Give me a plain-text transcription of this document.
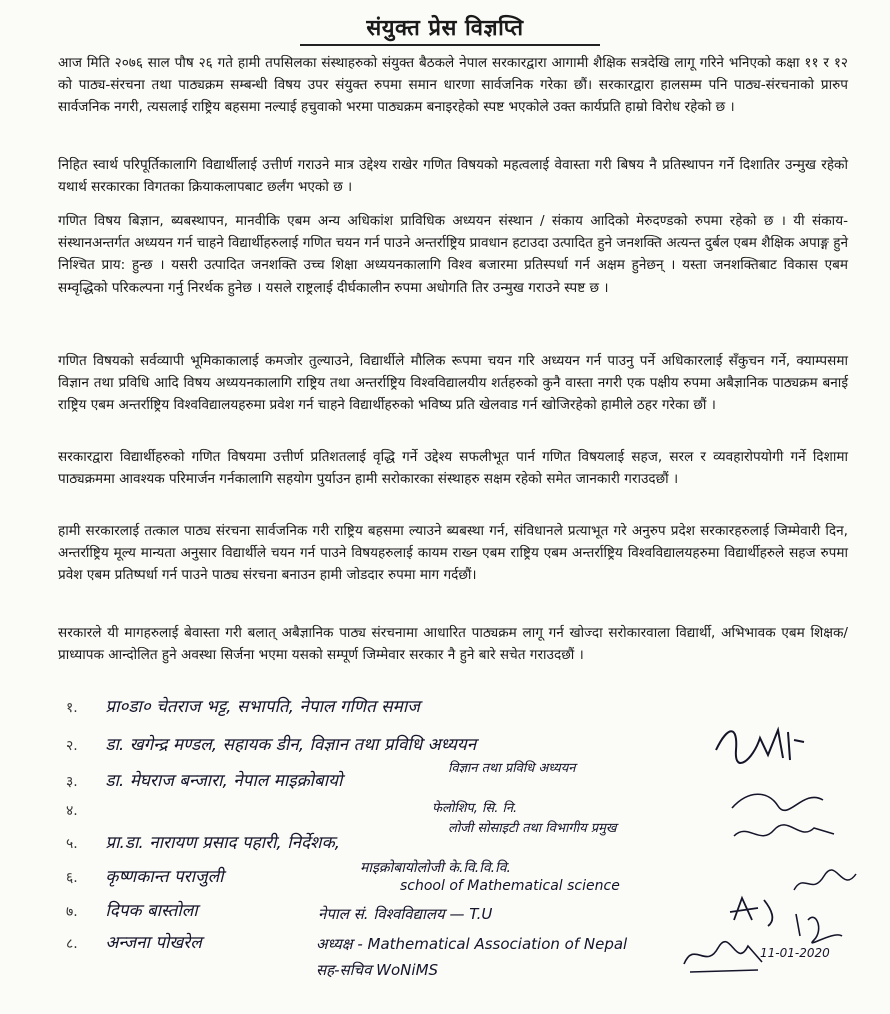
संयुक्त प्रेस विज्ञप्ति
आज मिति २०७६ साल पौष २६ गते हामी तपसिलका संस्थाहरुको संयुक्त बैठकले नेपाल सरकारद्वारा आगामी शैक्षिक सत्रदेखि लागू गरिने भनिएको कक्षा ११ र १२ को पाठ्य-संरचना तथा पाठ्यक्रम सम्बन्धी विषय उपर संयुक्त रुपमा समान धारणा सार्वजनिक गरेका छौं। सरकारद्वारा हालसम्म पनि पाठ्य-संरचनाको प्रारुप सार्वजनिक नगरी, त्यसलाई राष्ट्रिय बहसमा नल्याई हचुवाको भरमा पाठ्यक्रम बनाइरहेको स्पष्ट भएकोले उक्त कार्यप्रति हाम्रो विरोध रहेको छ ।
निहित स्वार्थ परिपूर्तिकालागि विद्यार्थीलाई उत्तीर्ण गराउने मात्र उद्देश्य राखेर गणित विषयको महत्वलाई वेवास्ता गरी बिषय नै प्रतिस्थापन गर्ने दिशातिर उन्मुख रहेको यथार्थ सरकारका विगतका क्रियाकलापबाट छर्लंग भएको छ ।
गणित विषय बिज्ञान, ब्यबस्थापन, मानवीकि एबम अन्य अधिकांश प्राविधिक अध्ययन संस्थान / संकाय आदिको मेरुदण्डको रुपमा रहेको छ । यी संकाय-संस्थानअन्तर्गत अध्ययन गर्न चाहने विद्यार्थीहरुलाई गणित चयन गर्न पाउने अन्तर्राष्ट्रिय प्रावधान हटाउदा उत्पादित हुने जनशक्ति अत्यन्त दुर्बल एबम शैक्षिक अपाङ्ग हुने निश्चित प्राय: हुन्छ । यसरी उत्पादित जनशक्ति उच्च शिक्षा अध्ययनकालागि विश्व बजारमा प्रतिस्पर्धा गर्न अक्षम हुनेछन् । यस्ता जनशक्तिबाट विकास एबम सम्वृद्धिको परिकल्पना गर्नु निरर्थक हुनेछ । यसले राष्ट्रलाई दीर्घकालीन रुपमा अधोगति तिर उन्मुख गराउने स्पष्ट छ ।
गणित विषयको सर्वव्यापी भूमिकाकालाई कमजोर तुल्याउने, विद्यार्थीले मौलिक रूपमा चयन गरि अध्ययन गर्न पाउनु पर्ने अधिकारलाई सँकुचन गर्ने, क्याम्पसमा विज्ञान तथा प्रविधि आदि विषय अध्ययनकालागि राष्ट्रिय तथा अन्तर्राष्ट्रिय विश्वविद्यालयीय शर्तहरुको कुनै वास्ता नगरी एक पक्षीय रुपमा अबैज्ञानिक पाठ्यक्रम बनाई राष्ट्रिय एबम अन्तर्राष्ट्रिय विश्वविद्यालयहरुमा प्रवेश गर्न चाहने विद्यार्थीहरुको भविष्य प्रति खेलवाड गर्न खोजिरहेको हामीले ठहर गरेका छौं ।
सरकारद्वारा विद्यार्थीहरुको गणित विषयमा उत्तीर्ण प्रतिशतलाई वृद्धि गर्ने उद्देश्य सफलीभूत पार्न गणित विषयलाई सहज, सरल र व्यवहारोपयोगी गर्ने दिशामा पाठ्यक्रममा आवश्यक परिमार्जन गर्नकालागि सहयोग पुर्याउन हामी सरोकारका संस्थाहरु सक्षम रहेको समेत जानकारी गराउदछौं ।
हामी सरकारलाई तत्काल पाठ्य संरचना सार्वजनिक गरी राष्ट्रिय बहसमा ल्याउने ब्यबस्था गर्न, संविधानले प्रत्याभूत गरे अनुरुप प्रदेश सरकारहरुलाई जिम्मेवारी दिन, अन्तर्राष्ट्रिय मूल्य मान्यता अनुसार विद्यार्थीले चयन गर्न पाउने विषयहरुलाई कायम राख्न एबम राष्ट्रिय एबम अन्तर्राष्ट्रिय विश्वविद्यालयहरुमा विद्यार्थीहरुले सहज रुपमा प्रवेश एबम प्रतिष्पर्धा गर्न पाउने पाठ्य संरचना बनाउन हामी जोडदार रुपमा माग गर्दछौं।
सरकारले यी मागहरुलाई बेवास्ता गरी बलात् अबैज्ञानिक पाठ्य संरचनामा आधारित पाठ्यक्रम लागू गर्न खोज्दा सरोकारवाला विद्यार्थी, अभिभावक एबम शिक्षक/ प्राध्यापक आन्दोलित हुने अवस्था सिर्जना भएमा यसको सम्पूर्ण जिम्मेवार सरकार नै हुने बारे सचेत गराउदछौं ।
१. प्रा०डा० चेतराज भट्ट, सभापति, नेपाल गणित समाज
२. डा. खगेन्द्र मण्डल, सहायक डीन, विज्ञान तथा प्रविधि अध्ययन
३. डा. मेघराज बन्जारा, नेपाल माइक्रोबायो
४.
५. प्रा.डा. नारायण प्रसाद पहारी, निर्देशक,
६. कृष्णकान्त पराजुली
७. दिपक बास्तोला
८. अन्जना पोखरेल
विज्ञान तथा प्रविधि अध्ययन
फेलोशिप, सि. नि.
लोजी सोसाइटी तथा विभागीय प्रमुख
माइक्रोबायोलोजी के.वि.वि.वि.
school of Mathematical science
नेपाल सं. विश्वविद्यालय — T.U
अध्यक्ष - Mathematical Association of Nepal
सह-सचिव WoNiMS
11-01-2020
